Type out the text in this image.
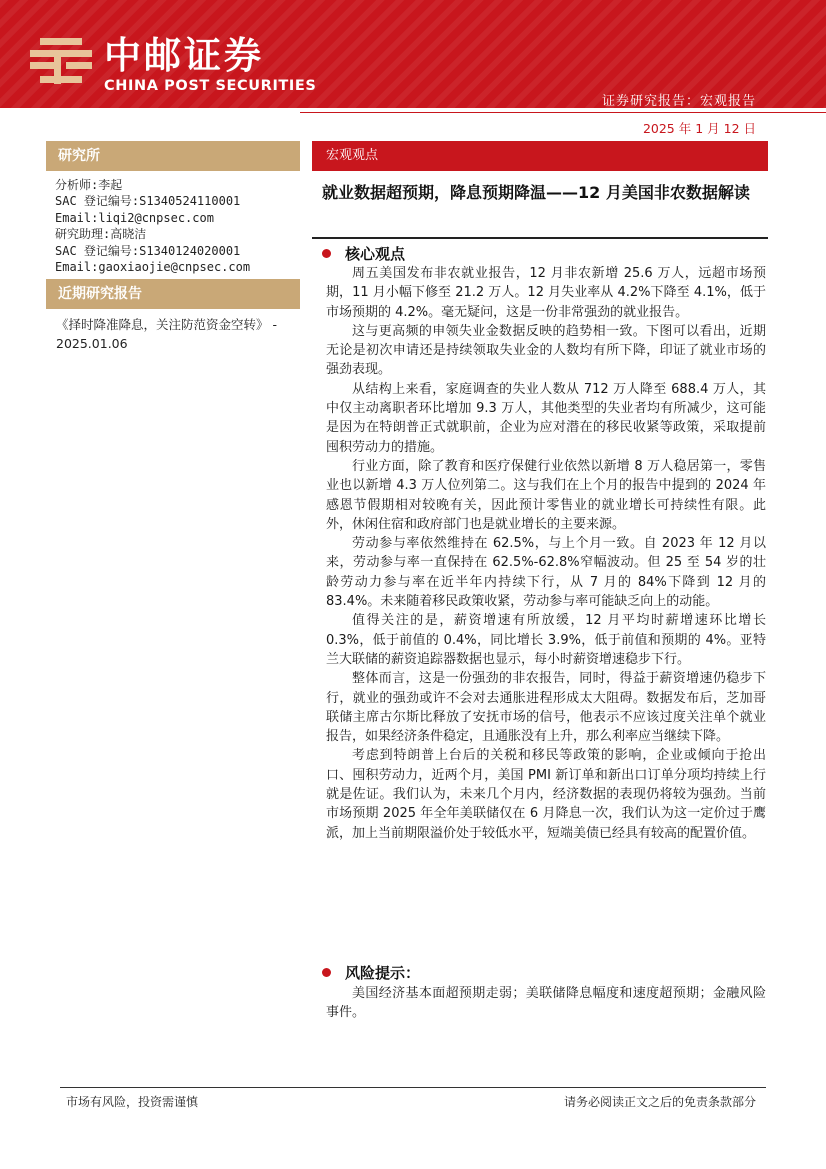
中邮证券
CHINA POST SECURITIES
证券研究报告：宏观报告
2025 年 1 月 12 日
研究所
分析师:李起
SAC 登记编号:S1340524110001
Email:liqi2@cnpsec.com
研究助理:高晓洁
SAC 登记编号:S1340124020001
Email:gaoxiaojie@cnpsec.com
近期研究报告
《择时降准降息，关注防范资金空转》 - 2025.01.06
宏观观点
就业数据超预期，降息预期降温——12 月美国非农数据解读
核心观点

周五美国发布非农就业报告，12 月非农新增 25.6 万人，远超市场预期，11 月小幅下修至 21.2 万人。12 月失业率从 4.2%下降至 4.1%，低于市场预期的 4.2%。毫无疑问，这是一份非常强劲的就业报告。

这与更高频的申领失业金数据反映的趋势相一致。下图可以看出，近期无论是初次申请还是持续领取失业金的人数均有所下降，印证了就业市场的强劲表现。

从结构上来看，家庭调查的失业人数从 712 万人降至 688.4 万人，其中仅主动离职者环比增加 9.3 万人，其他类型的失业者均有所减少，这可能是因为在特朗普正式就职前，企业为应对潜在的移民收紧等政策，采取提前囤积劳动力的措施。

行业方面，除了教育和医疗保健行业依然以新增 8 万人稳居第一，零售业也以新增 4.3 万人位列第二。这与我们在上个月的报告中提到的 2024 年感恩节假期相对较晚有关，因此预计零售业的就业增长可持续性有限。此外，休闲住宿和政府部门也是就业增长的主要来源。

劳动参与率依然维持在 62.5%，与上个月一致。自 2023 年 12 月以来，劳动参与率一直保持在 62.5%-62.8%窄幅波动。但 25 至 54 岁的壮龄劳动力参与率在近半年内持续下行，从 7 月的 84%下降到 12 月的 83.4%。未来随着移民政策收紧，劳动参与率可能缺乏向上的动能。

值得关注的是，薪资增速有所放缓，12 月平均时薪增速环比增长 0.3%，低于前值的 0.4%，同比增长 3.9%，低于前值和预期的 4%。亚特兰大联储的薪资追踪器数据也显示，每小时薪资增速稳步下行。

整体而言，这是一份强劲的非农报告，同时，得益于薪资增速仍稳步下行，就业的强劲或许不会对去通胀进程形成太大阻碍。数据发布后，芝加哥联储主席古尔斯比释放了安抚市场的信号，他表示不应该过度关注单个就业报告，如果经济条件稳定，且通胀没有上升，那么利率应当继续下降。

考虑到特朗普上台后的关税和移民等政策的影响，企业或倾向于抢出口、囤积劳动力，近两个月，美国 PMI 新订单和新出口订单分项均持续上行就是佐证。我们认为，未来几个月内，经济数据的表现仍将较为强劲。当前市场预期 2025 年全年美联储仅在 6 月降息一次，我们认为这一定价过于鹰派，加上当前期限溢价处于较低水平，短端美债已经具有较高的配置价值。

风险提示：

美国经济基本面超预期走弱；美联储降息幅度和速度超预期；金融风险事件。

市场有风险，投资需谨慎	请务必阅读正文之后的免责条款部分
